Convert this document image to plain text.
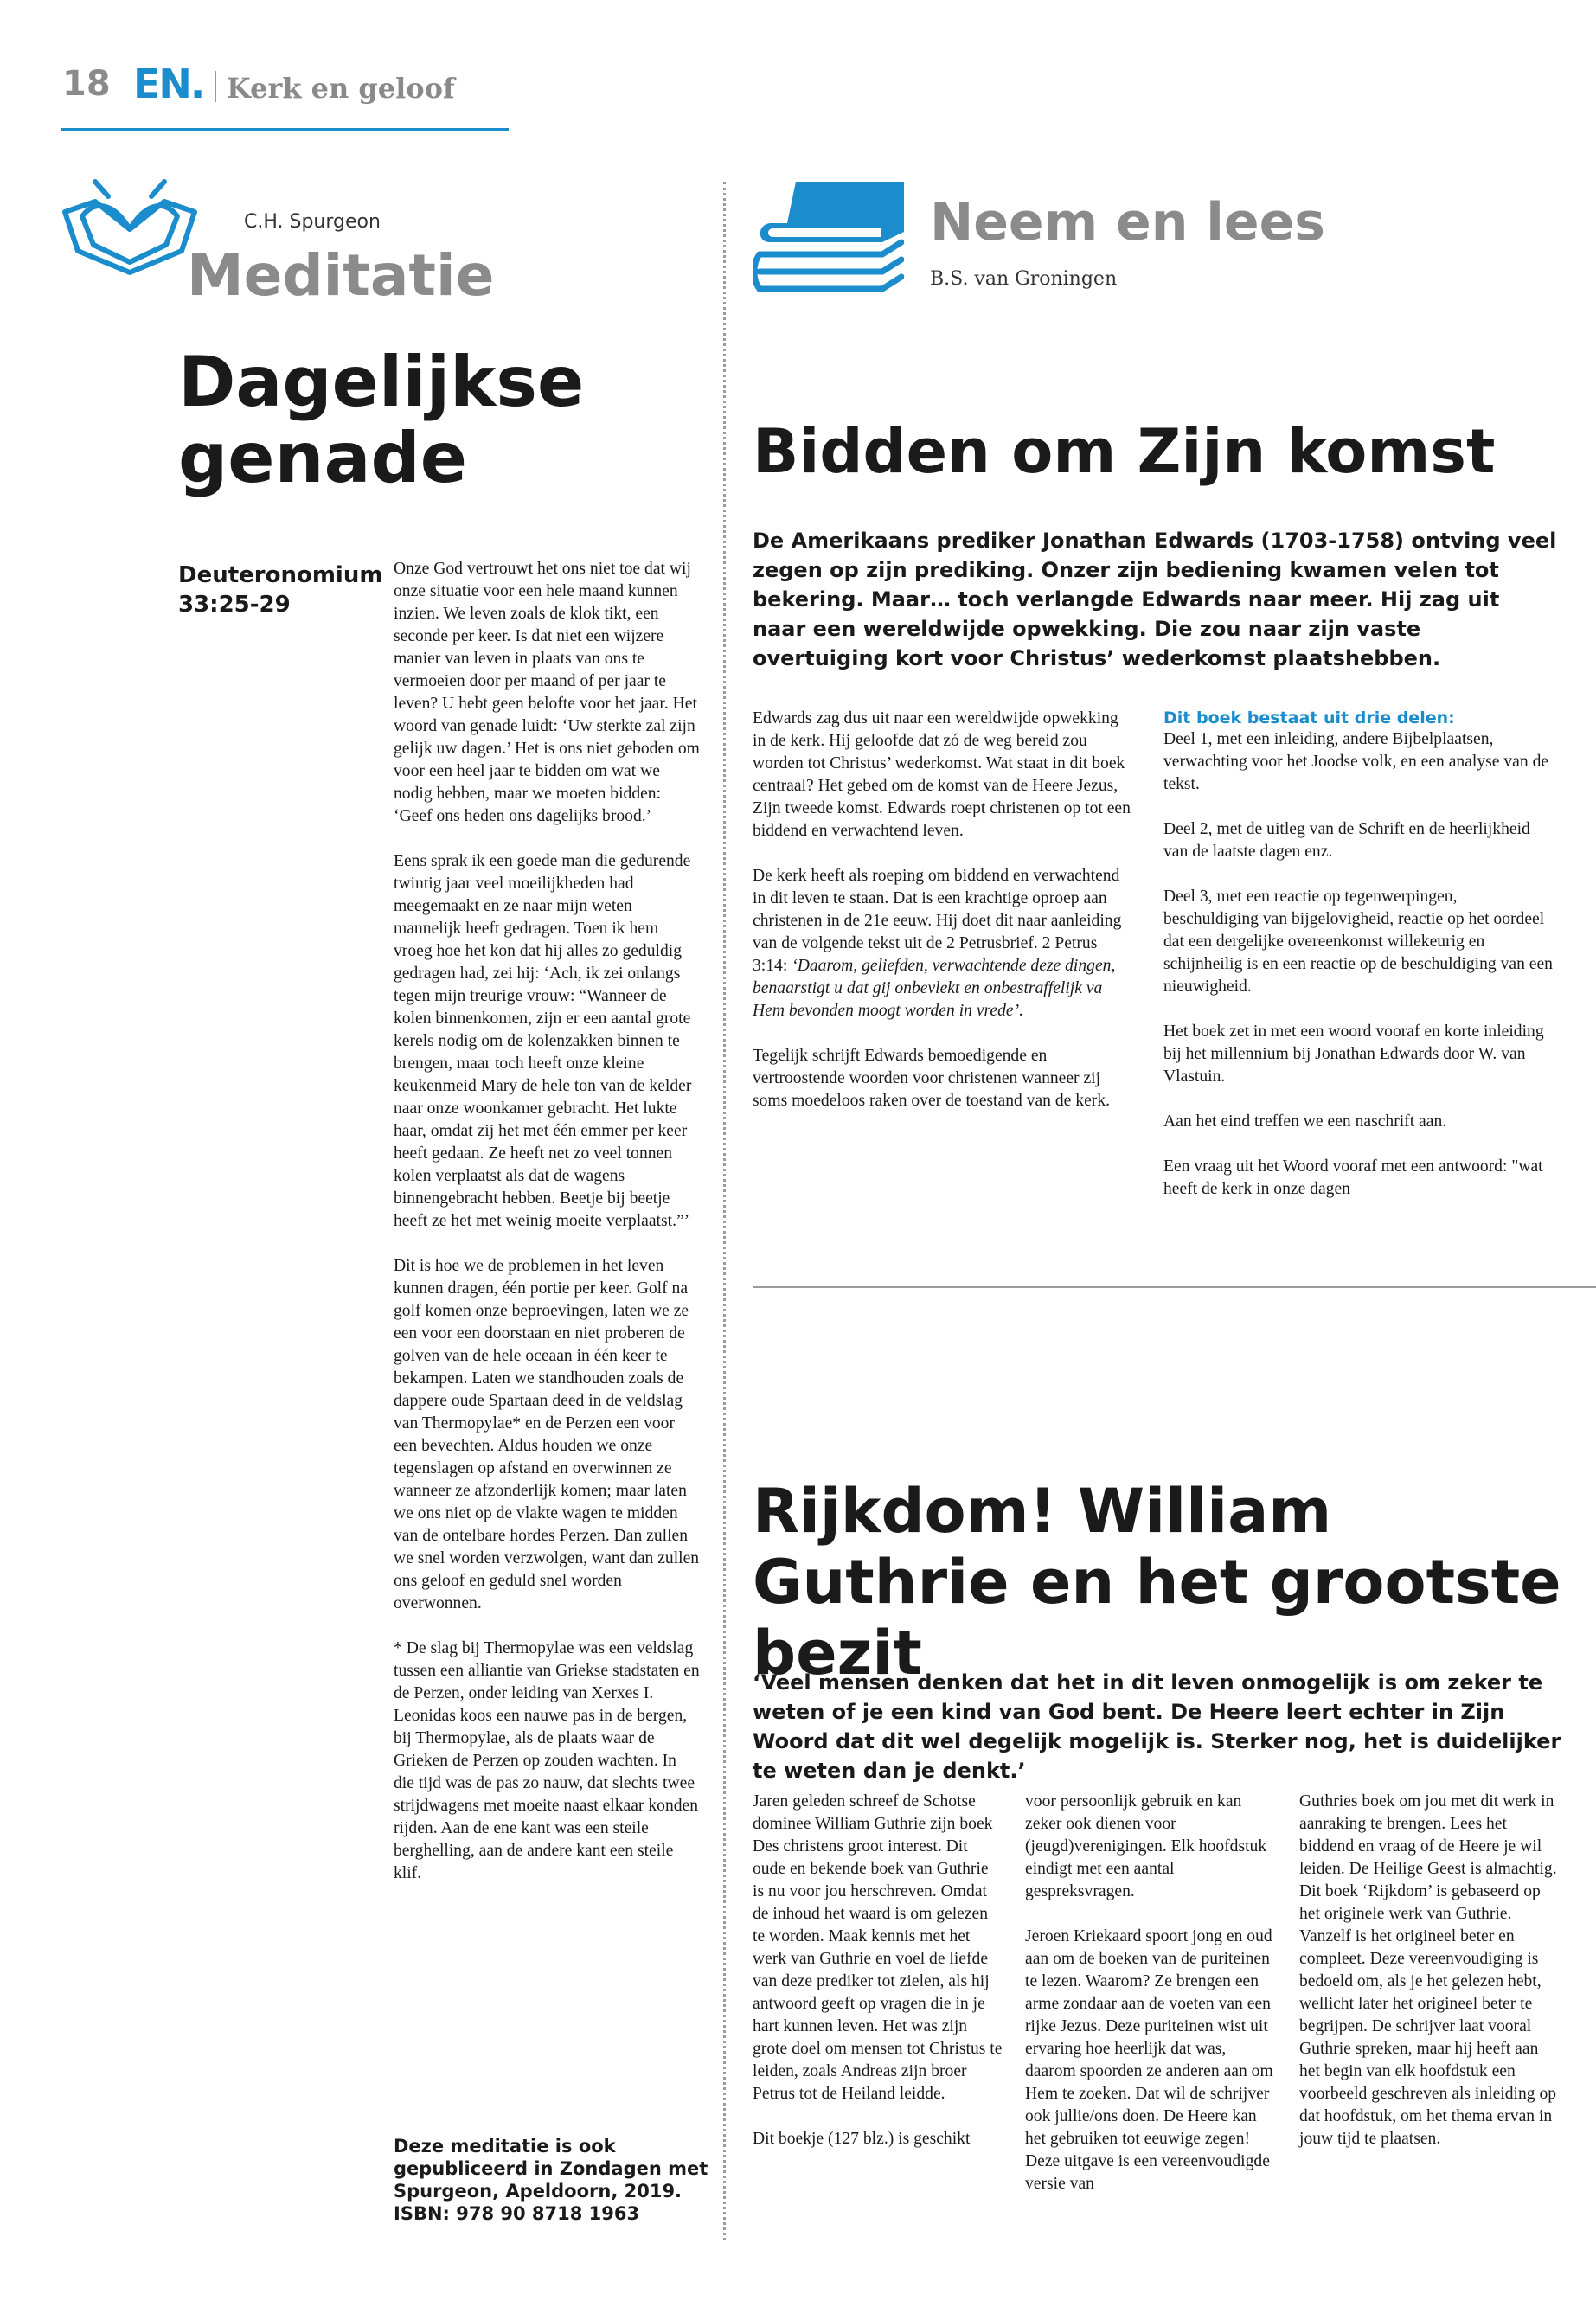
18 EN. Kerk en geloof
C.H. Spurgeon
Meditatie
Dagelijkse genade
Deuteronomium 33:25-29

Onze God vertrouwt het ons niet toe dat wij onze situatie voor een hele maand kunnen inzien. We leven zoals de klok tikt, een seconde per keer. Is dat niet een wijzere manier van leven in plaats van ons te vermoeien door per maand of per jaar te leven? U hebt geen belofte voor het jaar. Het woord van genade luidt: ‘Uw sterkte zal zijn gelijk uw dagen.’ Het is ons niet geboden om voor een heel jaar te bidden om wat we nodig hebben, maar we moeten bidden: ‘Geef ons heden ons dagelijks brood.’

Eens sprak ik een goede man die gedurende twintig jaar veel moeilijkheden had meegemaakt en ze naar mijn weten mannelijk heeft gedragen. Toen ik hem vroeg hoe het kon dat hij alles zo geduldig gedragen had, zei hij: ‘Ach, ik zei onlangs tegen mijn treurige vrouw: “Wanneer de kolen binnenkomen, zijn er een aantal grote kerels nodig om de kolenzakken binnen te brengen, maar toch heeft onze kleine keukenmeid Mary de hele ton van de kelder naar onze woonkamer gebracht. Het lukte haar, omdat zij het met één emmer per keer heeft gedaan. Ze heeft net zo veel tonnen kolen verplaatst als dat de wagens binnengebracht hebben. Beetje bij beetje heeft ze het met weinig moeite verplaatst.”’

Dit is hoe we de problemen in het leven kunnen dragen, één portie per keer. Golf na golf komen onze beproevingen, laten we ze een voor een doorstaan en niet proberen de golven van de hele oceaan in één keer te bekampen. Laten we standhouden zoals de dappere oude Spartaan deed in de veldslag van Thermopylae* en de Perzen een voor een bevechten. Aldus houden we onze tegenslagen op afstand en overwinnen ze wanneer ze afzonderlijk komen; maar laten we ons niet op de vlakte wagen te midden van de ontelbare hordes Perzen. Dan zullen we snel worden verzwolgen, want dan zullen ons geloof en geduld snel worden overwonnen.

* De slag bij Thermopylae was een veldslag tussen een alliantie van Griekse stadstaten en de Perzen, onder leiding van Xerxes I. Leonidas koos een nauwe pas in de bergen, bij Thermopylae, als de plaats waar de Grieken de Perzen op zouden wachten. In die tijd was de pas zo nauw, dat slechts twee strijdwagens met moeite naast elkaar konden rijden. Aan de ene kant was een steile berghelling, aan de andere kant een steile klif.

Deze meditatie is ook
gepubliceerd in Zondagen met
Spurgeon, Apeldoorn, 2019.
ISBN: 978 90 8718 1963
Neem en lees
B.S. van Groningen
Bidden om Zijn komst
De Amerikaans prediker Jonathan Edwards (1703-1758) ontving veel zegen op zijn prediking. Onzer zijn bediening kwamen velen tot bekering. Maar… toch verlangde Edwards naar meer. Hij zag uit naar een wereldwijde opwekking. Die zou naar zijn vaste overtuiging kort voor Christus’ wederkomst plaatshebben.

Edwards zag dus uit naar een wereldwijde opwekking in de kerk. Hij geloofde dat zó de weg bereid zou worden tot Christus’ wederkomst. Wat staat in dit boek centraal? Het gebed om de komst van de Heere Jezus, Zijn tweede komst. Edwards roept christenen op tot een biddend en verwachtend leven.

De kerk heeft als roeping om biddend en verwachtend in dit leven te staan. Dat is een krachtige oproep aan christenen in de 21e eeuw. Hij doet dit naar aanleiding van de volgende tekst uit de 2 Petrusbrief. 2 Petrus 3:14: ‘Daarom, geliefden, verwachtende deze dingen, benaarstigt u dat gij onbevlekt en onbestraffelijk va Hem bevonden moogt worden in vrede’.

Tegelijk schrijft Edwards bemoedigende en vertroostende woorden voor christenen wanneer zij soms moedeloos raken over de toestand van de kerk.

Dit boek bestaat uit drie delen:

Deel 1, met een inleiding, andere Bijbelplaatsen, verwachting voor het Joodse volk, en een analyse van de tekst.

Deel 2, met de uitleg van de Schrift en de heerlijkheid van de laatste dagen enz.

Deel 3, met een reactie op tegenwerpingen, beschuldiging van bijgelovigheid, reactie op het oordeel dat een dergelijke overeenkomst willekeurig en schijnheilig is en een reactie op de beschuldiging van een nieuwigheid.

Het boek zet in met een woord vooraf en korte inleiding bij het millennium bij Jonathan Edwards door W. van Vlastuin.

Aan het eind treffen we een naschrift aan.

Een vraag uit het Woord vooraf met een antwoord: "wat heeft de kerk in onze dagen

Rijkdom! William Guthrie en het grootste bezit
‘Veel mensen denken dat het in dit leven onmogelijk is om zeker te weten of je een kind van God bent. De Heere leert echter in Zijn Woord dat dit wel degelijk mogelijk is. Sterker nog, het is duidelijker te weten dan je denkt.’

Jaren geleden schreef de Schotse dominee William Guthrie zijn boek Des christens groot interest. Dit oude en bekende boek van Guthrie is nu voor jou herschreven. Omdat de inhoud het waard is om gelezen te worden. Maak kennis met het werk van Guthrie en voel de liefde van deze prediker tot zielen, als hij antwoord geeft op vragen die in je hart kunnen leven. Het was zijn grote doel om mensen tot Christus te leiden, zoals Andreas zijn broer Petrus tot de Heiland leidde.

Dit boekje (127 blz.) is geschikt

voor persoonlijk gebruik en kan zeker ook dienen voor (jeugd)verenigingen. Elk hoofdstuk eindigt met een aantal gespreksvragen.

Jeroen Kriekaard spoort jong en oud aan om de boeken van de puriteinen te lezen. Waarom? Ze brengen een arme zondaar aan de voeten van een rijke Jezus. Deze puriteinen wist uit ervaring hoe heerlijk dat was, daarom spoorden ze anderen aan om Hem te zoeken. Dat wil de schrijver ook jullie/ons doen. De Heere kan het gebruiken tot eeuwige zegen! Deze uitgave is een vereenvoudigde versie van

Guthries boek om jou met dit werk in aanraking te brengen. Lees het biddend en vraag of de Heere je wil leiden. De Heilige Geest is almachtig. Dit boek ‘Rijkdom’ is gebaseerd op het originele werk van Guthrie. Vanzelf is het origineel beter en compleet. Deze vereenvoudiging is bedoeld om, als je het gelezen hebt, wellicht later het origineel beter te begrijpen. De schrijver laat vooral Guthrie spreken, maar hij heeft aan het begin van elk hoofdstuk een voorbeeld geschreven als inleiding op dat hoofdstuk, om het thema ervan in jouw tijd te plaatsen.
